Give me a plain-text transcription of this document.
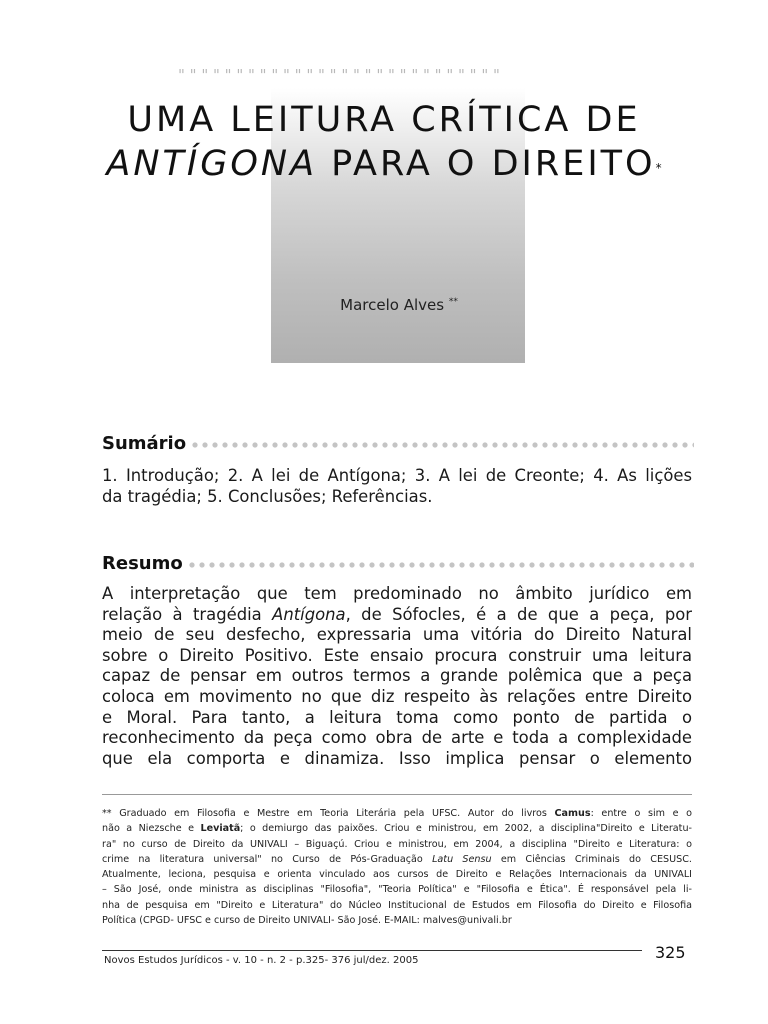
" " " " " " " " " " " " " " " " " " " " " " " " " " " "
UMA LEITURA CRÍTICA DE
ANTÍGONA PARA O DIREITO*
Marcelo Alves **
Sumário
1. Introdução; 2. A lei de Antígona; 3. A lei de Creonte; 4. As lições
da tragédia; 5. Conclusões; Referências.
Resumo
A interpretação que tem predominado no âmbito jurídico em
relação à tragédia Antígona, de Sófocles, é a de que a peça, por
meio de seu desfecho, expressaria uma vitória do Direito Natural
sobre o Direito Positivo. Este ensaio procura construir uma leitura
capaz de pensar em outros termos a grande polêmica que a peça
coloca em movimento no que diz respeito às relações entre Direito
e Moral. Para tanto, a leitura toma como ponto de partida o
reconhecimento da peça como obra de arte e toda a complexidade
que ela comporta e dinamiza. Isso implica pensar o elemento
** Graduado em Filosofia e Mestre em Teoria Literária pela UFSC. Autor do livros Camus: entre o sim e o
não a Niezsche e Leviatã; o demiurgo das paixões. Criou e ministrou, em 2002, a disciplina"Direito e Literatu-
ra" no curso de Direito da UNIVALI – Biguaçú. Criou e ministrou, em 2004, a disciplina "Direito e Literatura: o
crime na literatura universal" no Curso de Pós-Graduação Latu Sensu em Ciências Criminais do CESUSC.
Atualmente, leciona, pesquisa e orienta vinculado aos cursos de Direito e Relações Internacionais da UNIVALI
– São José, onde ministra as disciplinas "Filosofia", "Teoria Política" e "Filosofia e Ética". É responsável pela li-
nha de pesquisa em "Direito e Literatura" do Núcleo Institucional de Estudos em Filosofia do Direito e Filosofia
Política (CPGD- UFSC e curso de Direito UNIVALI- São José. E-MAIL: malves@univali.br
Novos Estudos Jurídicos - v. 10 - n. 2 - p.325- 376 jul/dez. 2005	325
